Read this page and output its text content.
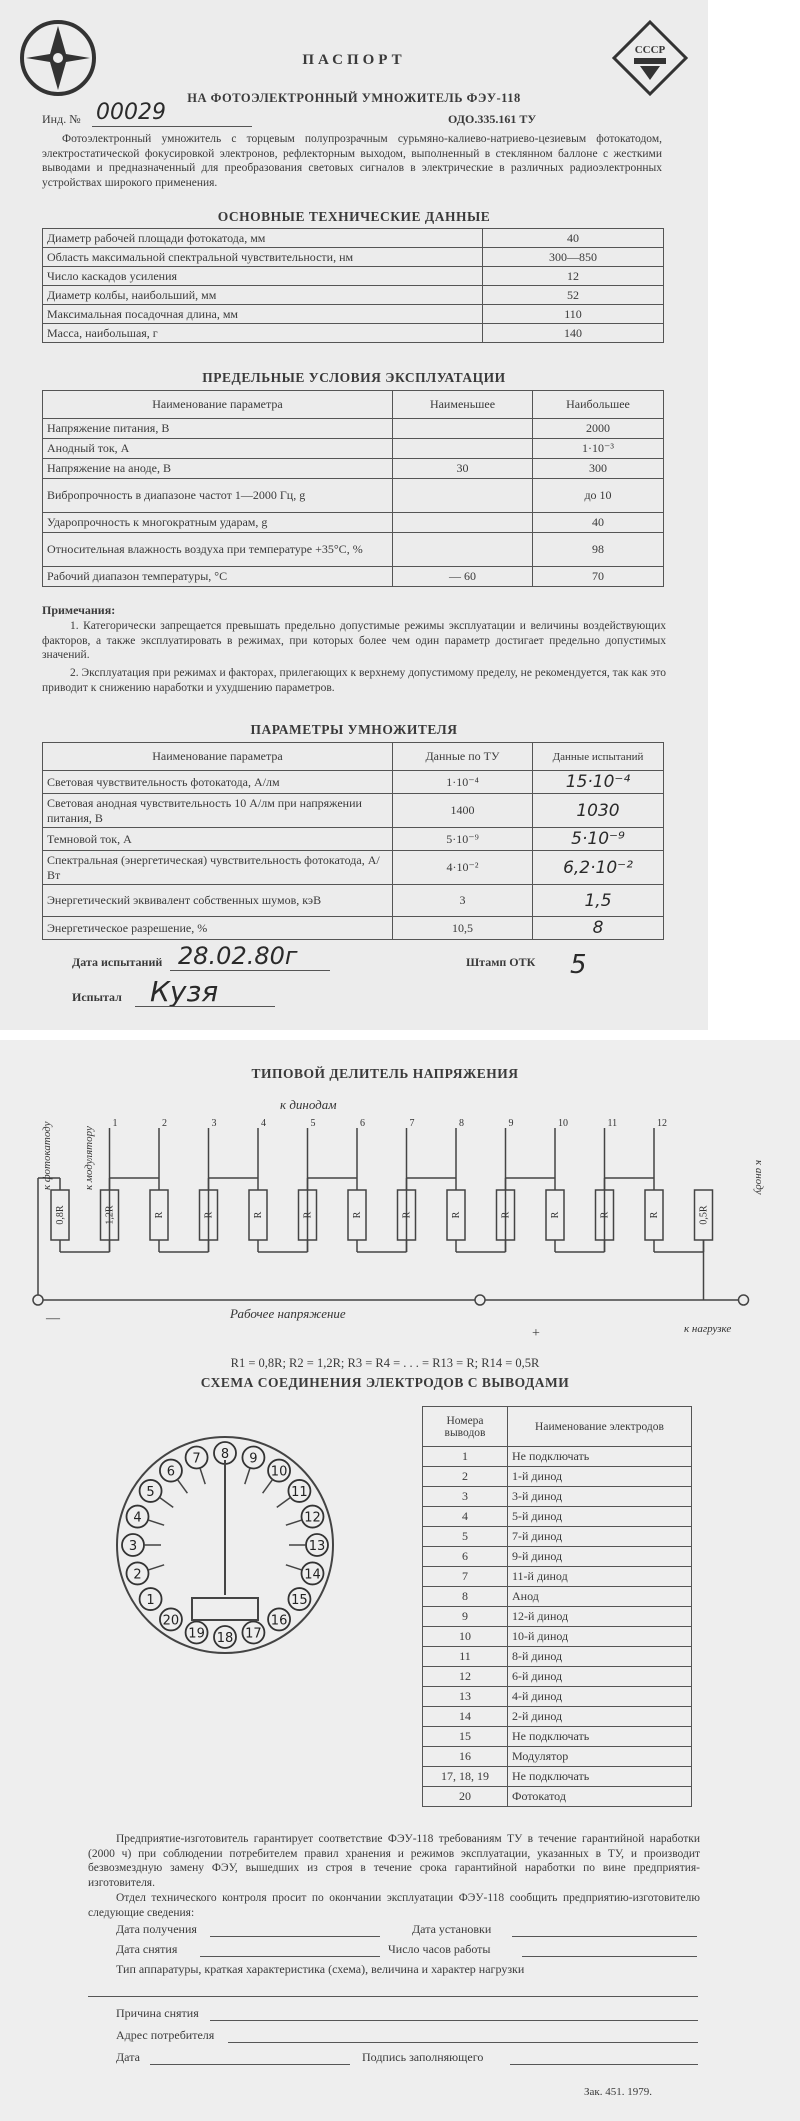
СССР
ПАСПОРТ
НА ФОТОЭЛЕКТРОННЫЙ УМНОЖИТЕЛЬ ФЭУ-118
Инд. № 00029	ОДО.335.161 ТУ
Фотоэлектронный умножитель с торцевым полупрозрачным сурьмяно-калиево-натриево-цезиевым фотокатодом, электростатической фокусировкой электронов, рефлекторным выходом, выполненный в стеклянном баллоне с жесткими выводами и предназначенный для преобразования световых сигналов в электрические в различных радиоэлектронных устройствах широкого применения.
ОСНОВНЫЕ ТЕХНИЧЕСКИЕ ДАННЫЕ
Диаметр рабочей площади фотокатода, мм	40
Область максимальной спектральной чувствительности, нм	300—850
Число каскадов усиления	12
Диаметр колбы, наибольший, мм	52
Максимальная посадочная длина, мм	110
Масса, наибольшая, г	140
ПРЕДЕЛЬНЫЕ УСЛОВИЯ ЭКСПЛУАТАЦИИ
Наименование параметра	Наименьшее	Наибольшее
Напряжение питания, В		2000
Анодный ток, А		1·10⁻³
Напряжение на аноде, В	30	300
Вибропрочность в диапазоне частот 1—2000 Гц, g		до 10
Ударопрочность к многократным ударам, g		40
Относительная влажность воздуха при температуре +35°С, %		98
Рабочий диапазон температуры, °С	— 60	70
Примечания:
1. Категорически запрещается превышать предельно допустимые режимы эксплуатации и величины воздействующих факторов, а также эксплуатировать в режимах, при которых более чем один параметр достигает предельно допустимых значений.
2. Эксплуатация при режимах и факторах, прилегающих к верхнему допустимому пределу, не рекомендуется, так как это приводит к снижению наработки и ухудшению параметров.
ПАРАМЕТРЫ УМНОЖИТЕЛЯ
Наименование параметра	Данные по ТУ	Данные испытаний
Световая чувствительность фотокатода, А/лм	1·10⁻⁴	15·10⁻⁴
Световая анодная чувствительность 10 А/лм при напряжении питания, В	1400	1030
Темновой ток, А	5·10⁻⁹	5·10⁻⁹
Спектральная (энергетическая) чувствительность фотокатода, А/Вт	4·10⁻²	6,2·10⁻²
Энергетический эквивалент собственных шумов, кэВ	3	1,5
Энергетическое разрешение, %	10,5	8
Дата испытаний 28.02.80г	Штамп ОТК 5
Испытал Кузя
ТИПОВОЙ ДЕЛИТЕЛЬ НАПРЯЖЕНИЯ
0,8R	1,2R	R	R	R	R	R	R	R	R	R	R	R	0,5R
1	2	3	4	5	6	7	8	9	10	11	12
к динодам
к фотокатоду	к модулятору	к аноду
Рабочее напряжение
к нагрузке
—
+
R1 = 0,8R; R2 = 1,2R; R3 = R4 = . . . = R13 = R; R14 = 0,5R
СХЕМА СОЕДИНЕНИЯ ЭЛЕКТРОДОВ С ВЫВОДАМИ
1
2
3
4
5
6
7 8 9
10
11
12
13
14
15
16
17
18
19
20
Номера выводов	Наименование электродов
1	Не подключать
2	1-й динод
3	3-й динод
4	5-й динод
5	7-й динод
6	9-й динод
7	11-й динод
8	Анод
9	12-й динод
10	10-й динод
11	8-й динод
12	6-й динод
13	4-й динод
14	2-й динод
15	Не подключать
16	Модулятор
17, 18, 19	Не подключать
20	Фотокатод
Предприятие-изготовитель гарантирует соответствие ФЭУ-118 требованиям ТУ в течение гарантийной наработки (2000 ч) при соблюдении потребителем правил хранения и режимов эксплуатации, указанных в ТУ, и производит безвозмездную замену ФЭУ, вышедших из строя в течение срока гарантийной наработки по вине предприятия-изготовителя.
Отдел технического контроля просит по окончании эксплуатации ФЭУ-118 сообщить предприятию-изготовителю следующие сведения:
Дата получения	Дата установки
Дата снятия	Число часов работы
Тип аппаратуры, краткая характеристика (схема), величина и характер нагрузки
Причина снятия
Адрес потребителя
Дата	Подпись заполняющего
Зак. 451. 1979.
